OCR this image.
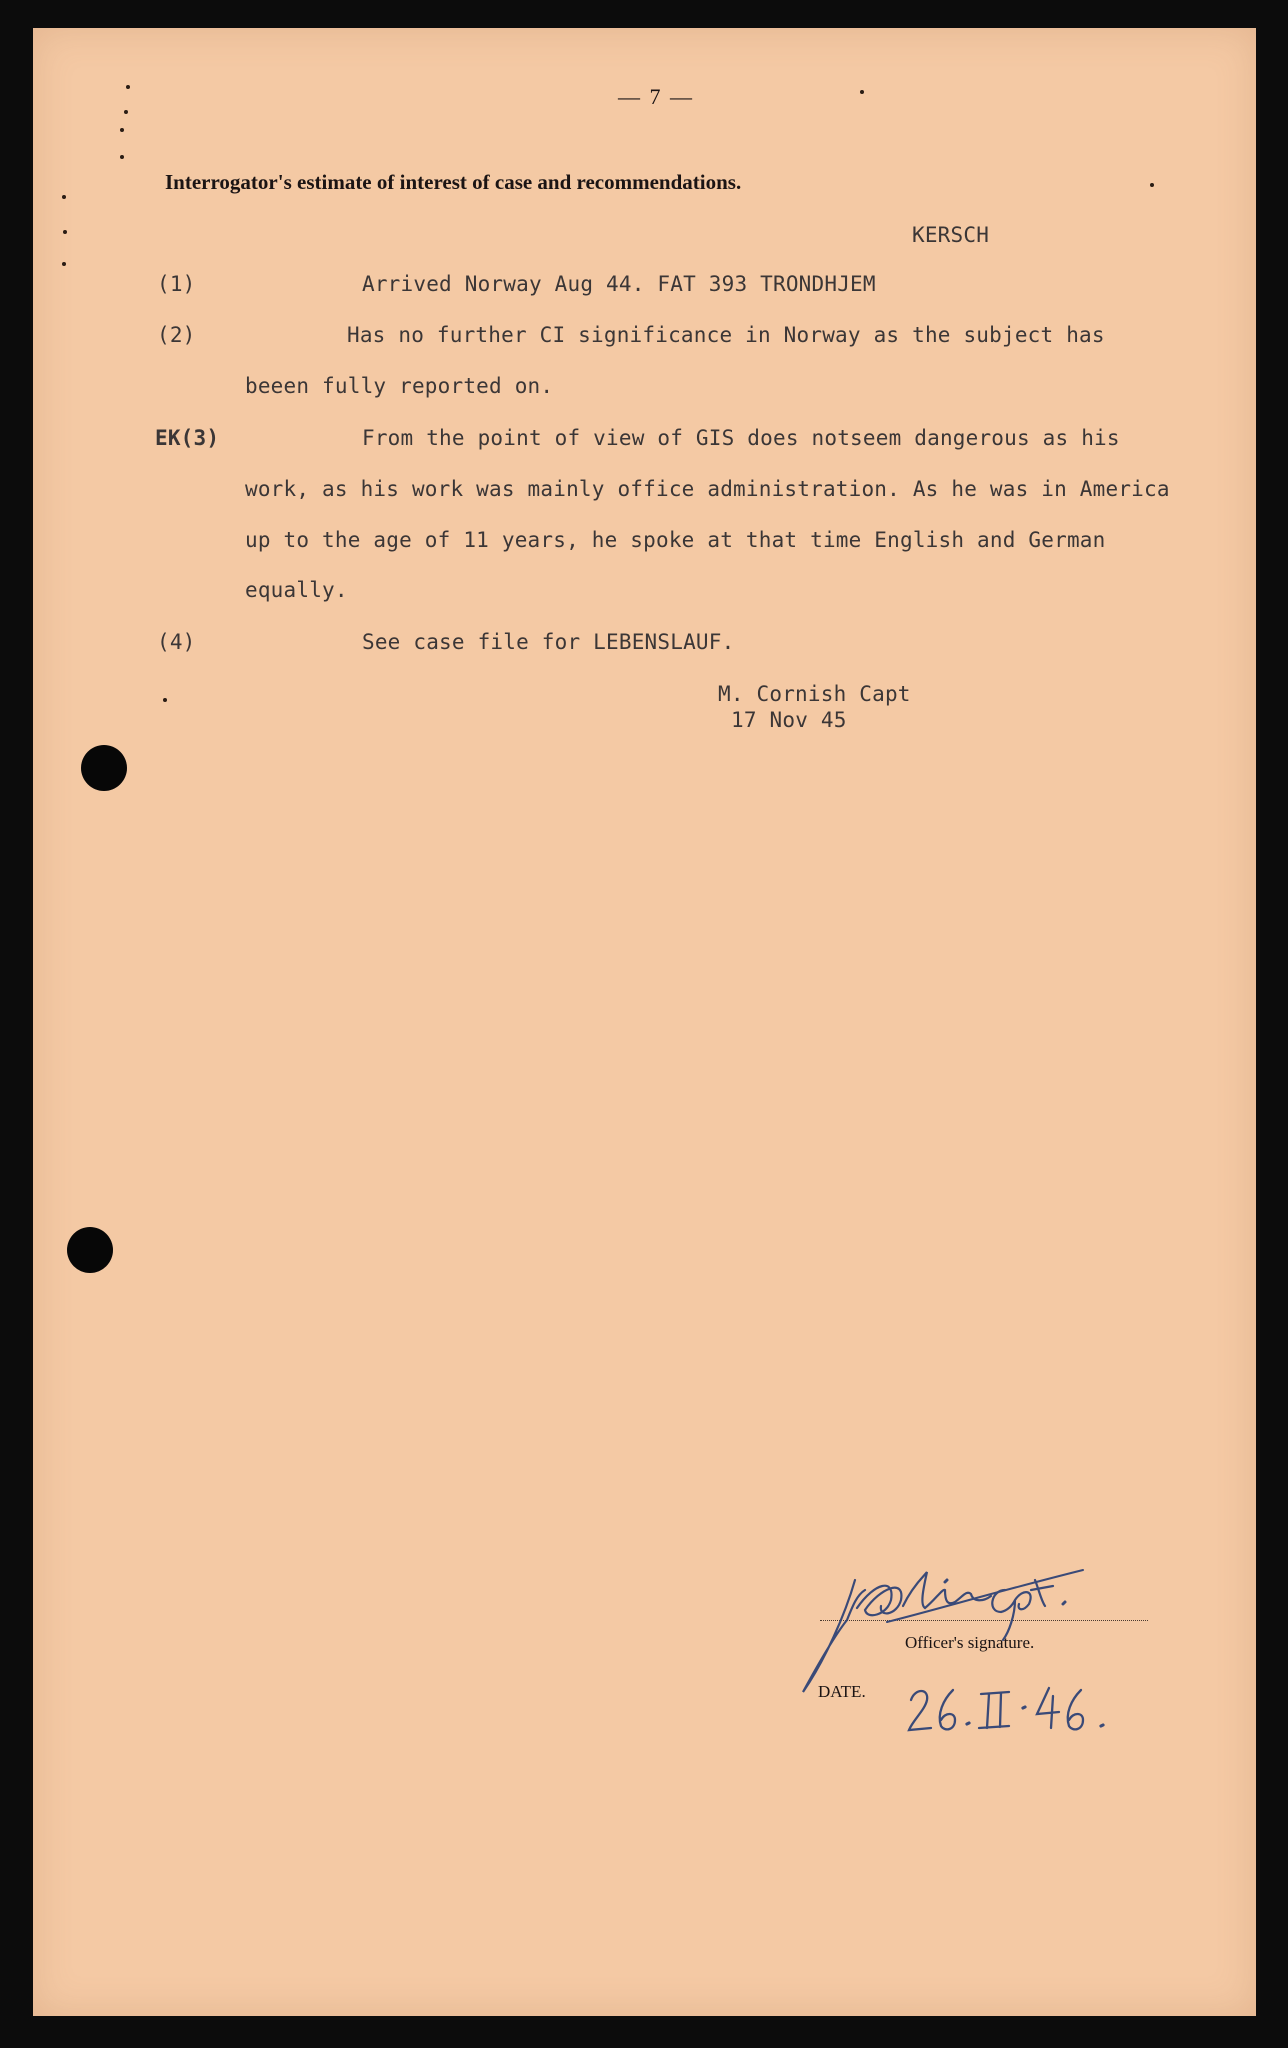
— 7 —
Interrogator's estimate of interest of case and recommendations.
KERSCH
(1)	Arrived Norway Aug 44. FAT 393 TRONDHJEM
(2)	Has no further CI significance in Norway as the subject has
beeen fully reported on.
EK(3)	From the point of view of GIS does notseem dangerous as his
work, as his work was mainly office administration. As he was in America
up to the age of 11 years, he spoke at that time English and German
equally.
(4)	See case file for LEBENSLAUF.
M. Cornish Capt
17 Nov 45
Officer's signature.
DATE.
